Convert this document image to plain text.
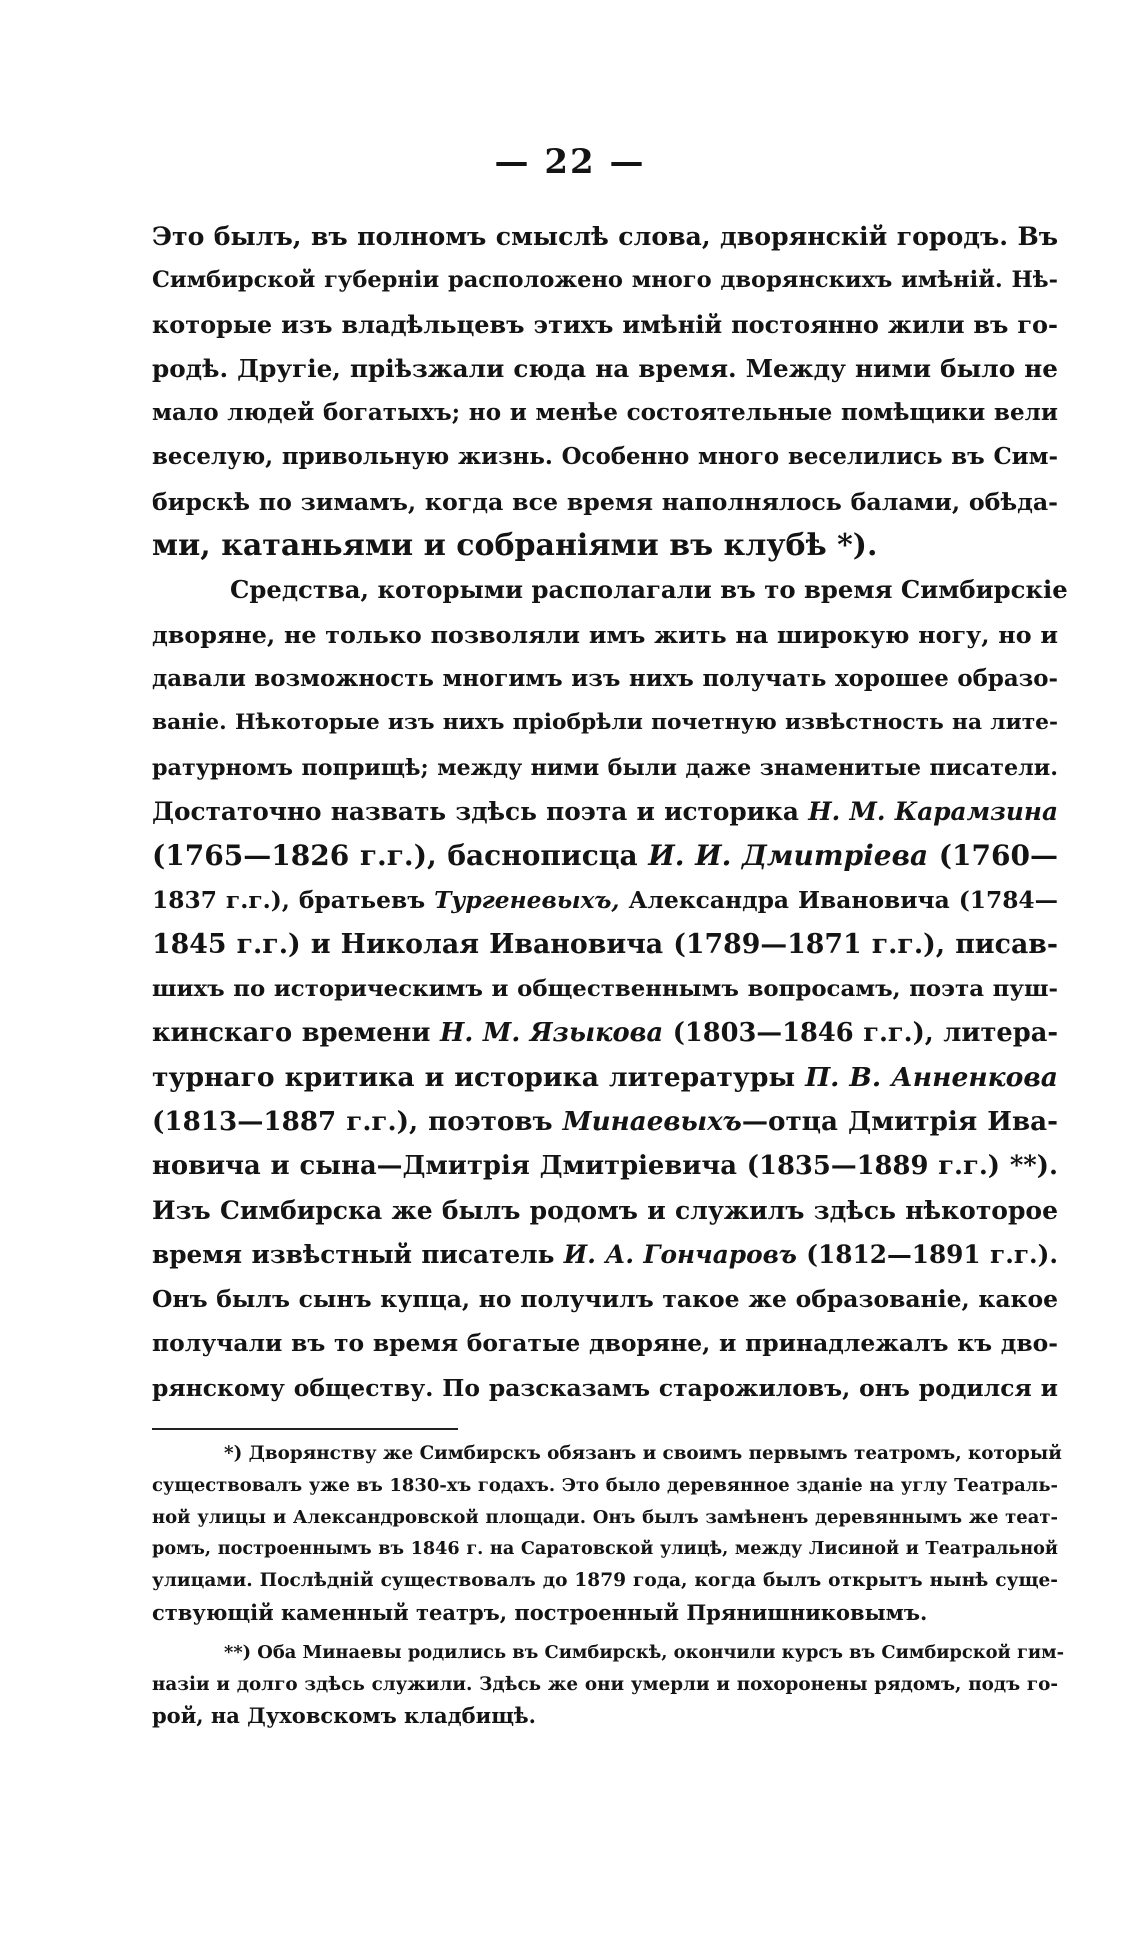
— 22 —
Это былъ, въ полномъ смыслѣ слова, дворянскій городъ. Въ
Симбирской губерніи расположено много дворянскихъ имѣній. Нѣ-
которые изъ владѣльцевъ этихъ имѣній постоянно жили въ го-
родѣ. Другіе, пріѣзжали сюда на время. Между ними было не
мало людей богатыхъ; но и менѣе состоятельные помѣщики вели
веселую, привольную жизнь. Особенно много веселились въ Сим-
бирскѣ по зимамъ, когда все время наполнялось балами, обѣда-
ми, катаньями и собраніями въ клубѣ *).
Средства, которыми располагали въ то время Симбирскіе
дворяне, не только позволяли имъ жить на широкую ногу, но и
давали возможность многимъ изъ нихъ получать хорошее образо-
ваніе. Нѣкоторые изъ нихъ пріобрѣли почетную извѣстность на литe-
ратурномъ поприщѣ; между ними были даже знаменитые писатели.
Достаточно назвать здѣсь поэта и историка Н. М. Карамзина
(1765—1826 г.г.), баснописца И. И. Дмитріева (1760—
1837 г.г.), братьевъ Тургеневыхъ, Александра Ивановича (1784—
1845 г.г.) и Николая Ивановича (1789—1871 г.г.), писав-
шихъ по историческимъ и общественнымъ вопросамъ, поэта пуш-
кинскаго времени Н. М. Языкова (1803—1846 г.г.), литера-
турнаго критика и историка литературы П. В. Анненкова
(1813—1887 г.г.), поэтовъ Минаевыхъ—отца Дмитрія Ива-
новича и сына—Дмитрія Дмитріевича (1835—1889 г.г.) **).
Изъ Симбирска же былъ родомъ и служилъ здѣсь нѣкоторое
время извѣстный писатель И. А. Гончаровъ (1812—1891 г.г.).
Онъ былъ сынъ купца, но получилъ такое же образованіе, какое
получали въ то время богатые дворяне, и принадлежалъ къ дво-
рянскому обществу. По разсказамъ старожиловъ, онъ родился и
*) Дворянству же Симбирскъ обязанъ и своимъ первымъ театромъ, который
существовалъ уже въ 1830-хъ годахъ. Это было деревянное зданіе на углу Театраль-
ной улицы и Александровской площади. Онъ былъ замѣненъ деревяннымъ же теат-
ромъ, построеннымъ въ 1846 г. на Саратовской улицѣ, между Лисиной и Театральной
улицами. Послѣдній существовалъ до 1879 года, когда былъ открытъ нынѣ суще-
ствующій каменный театръ, построенный Прянишниковымъ.
**) Оба Минаевы родились въ Симбирскѣ, окончили курсъ въ Симбирской гим-
назіи и долго здѣсь служили. Здѣсь же они умерли и похоронены рядомъ, подъ го-
рой, на Духовскомъ кладбищѣ.
